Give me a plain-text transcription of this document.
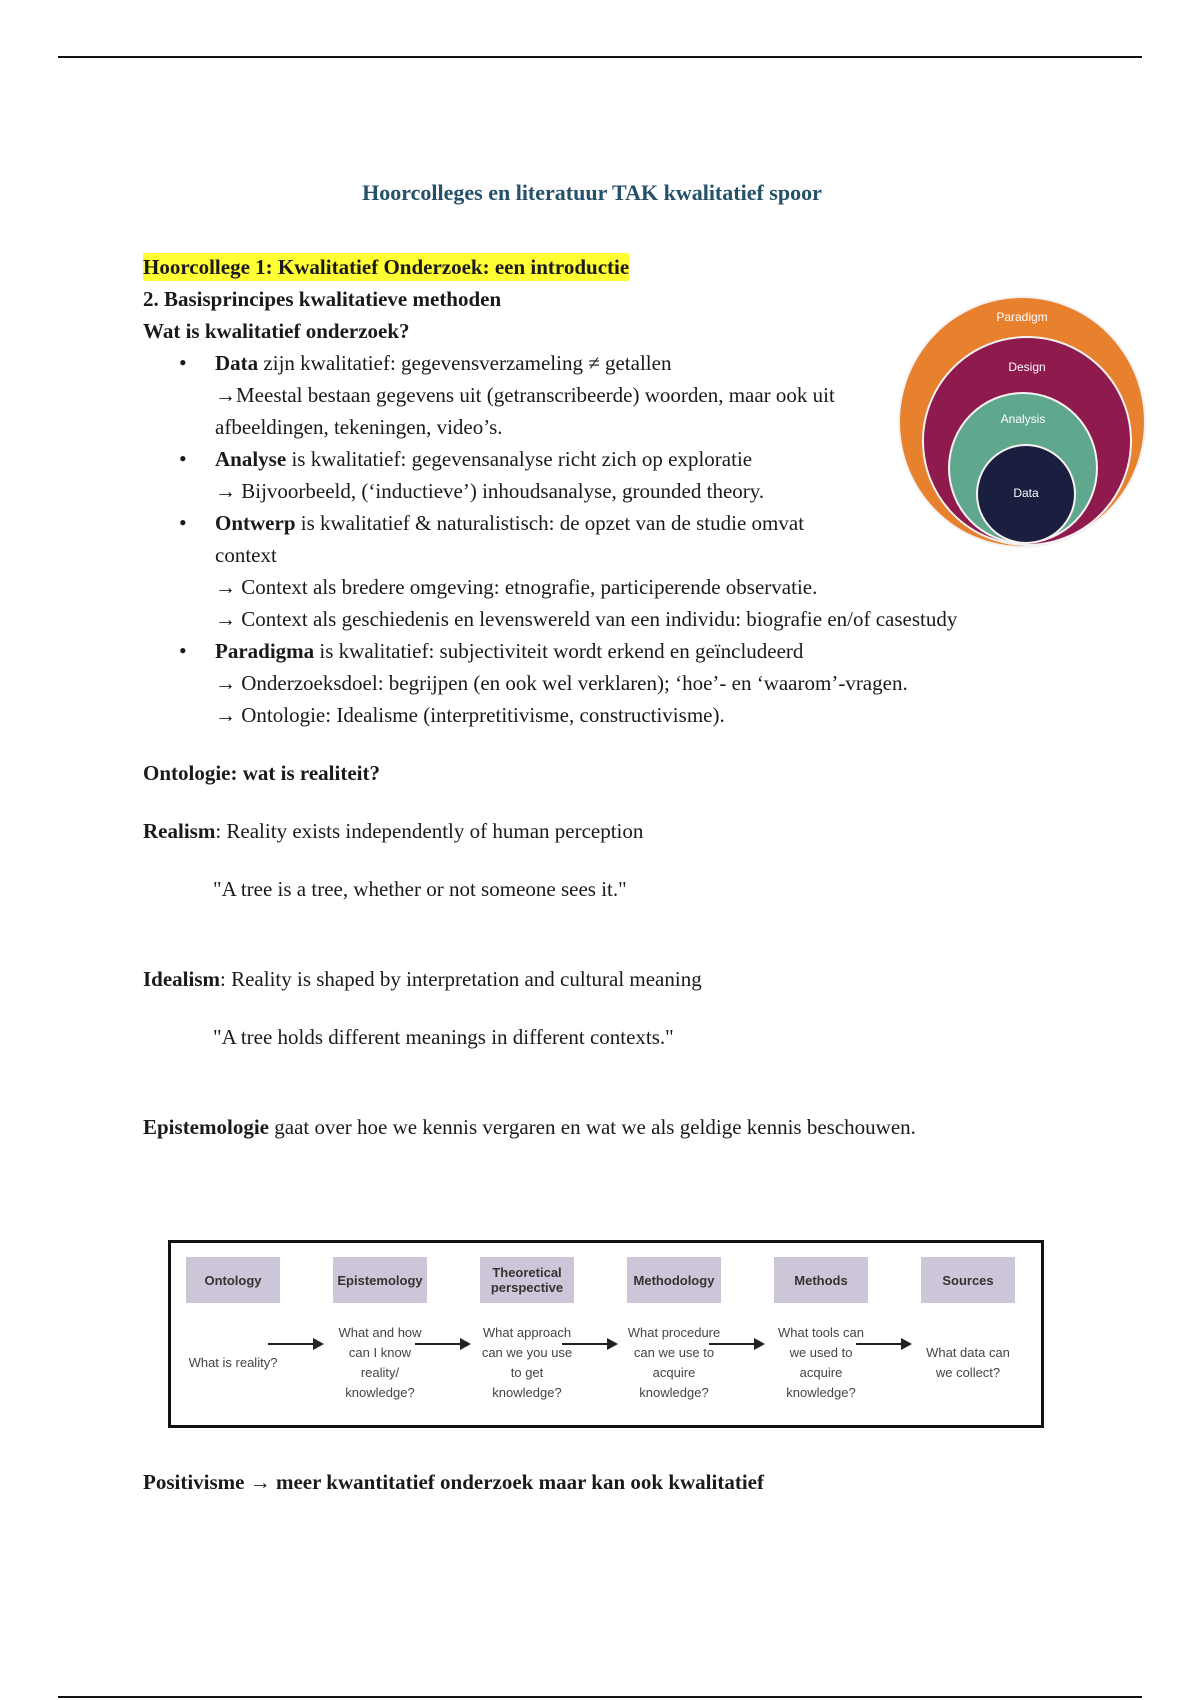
Hoorcolleges en literatuur TAK kwalitatief spoor
Hoorcollege 1: Kwalitatief Onderzoek: een introductie
2. Basisprincipes kwalitatieve methoden
Wat is kwalitatief onderzoek?
• Data zijn kwalitatief: gegevensverzameling ≠ getallen
→Meestal bestaan gegevens uit (getranscribeerde) woorden, maar ook uit afbeeldingen, tekeningen, video’s.
• Analyse is kwalitatief: gegevensanalyse richt zich op exploratie
→ Bijvoorbeeld, (‘inductieve’) inhoudsanalyse, grounded theory.
• Ontwerp is kwalitatief & naturalistisch: de opzet van de studie omvat context
→ Context als bredere omgeving: etnografie, participerende observatie.
→ Context als geschiedenis en levenswereld van een individu: biografie en/of casestudy
• Paradigma is kwalitatief: subjectiviteit wordt erkend en geïncludeerd
→ Onderzoeksdoel: begrijpen (en ook wel verklaren); ‘hoe’- en ‘waarom’-vragen.
→ Ontologie: Idealisme (interpretitivisme, constructivisme).
Ontologie: wat is realiteit?
Realism: Reality exists independently of human perception
"A tree is a tree, whether or not someone sees it."
Idealism: Reality is shaped by interpretation and cultural meaning
"A tree holds different meanings in different contexts."
Epistemologie gaat over hoe we kennis vergaren en wat we als geldige kennis beschouwen.
Paradigm
Design
Analysis
Data
Ontology
What is reality?
Epistemology
What and how can I know reality/ knowledge?
Theoretical perspective
What approach can we you use to get knowledge?
Methodology
What procedure can we use to acquire knowledge?
Methods
What tools can we used to acquire knowledge?
Sources
What data can we collect?
Positivisme → meer kwantitatief onderzoek maar kan ook kwalitatief
